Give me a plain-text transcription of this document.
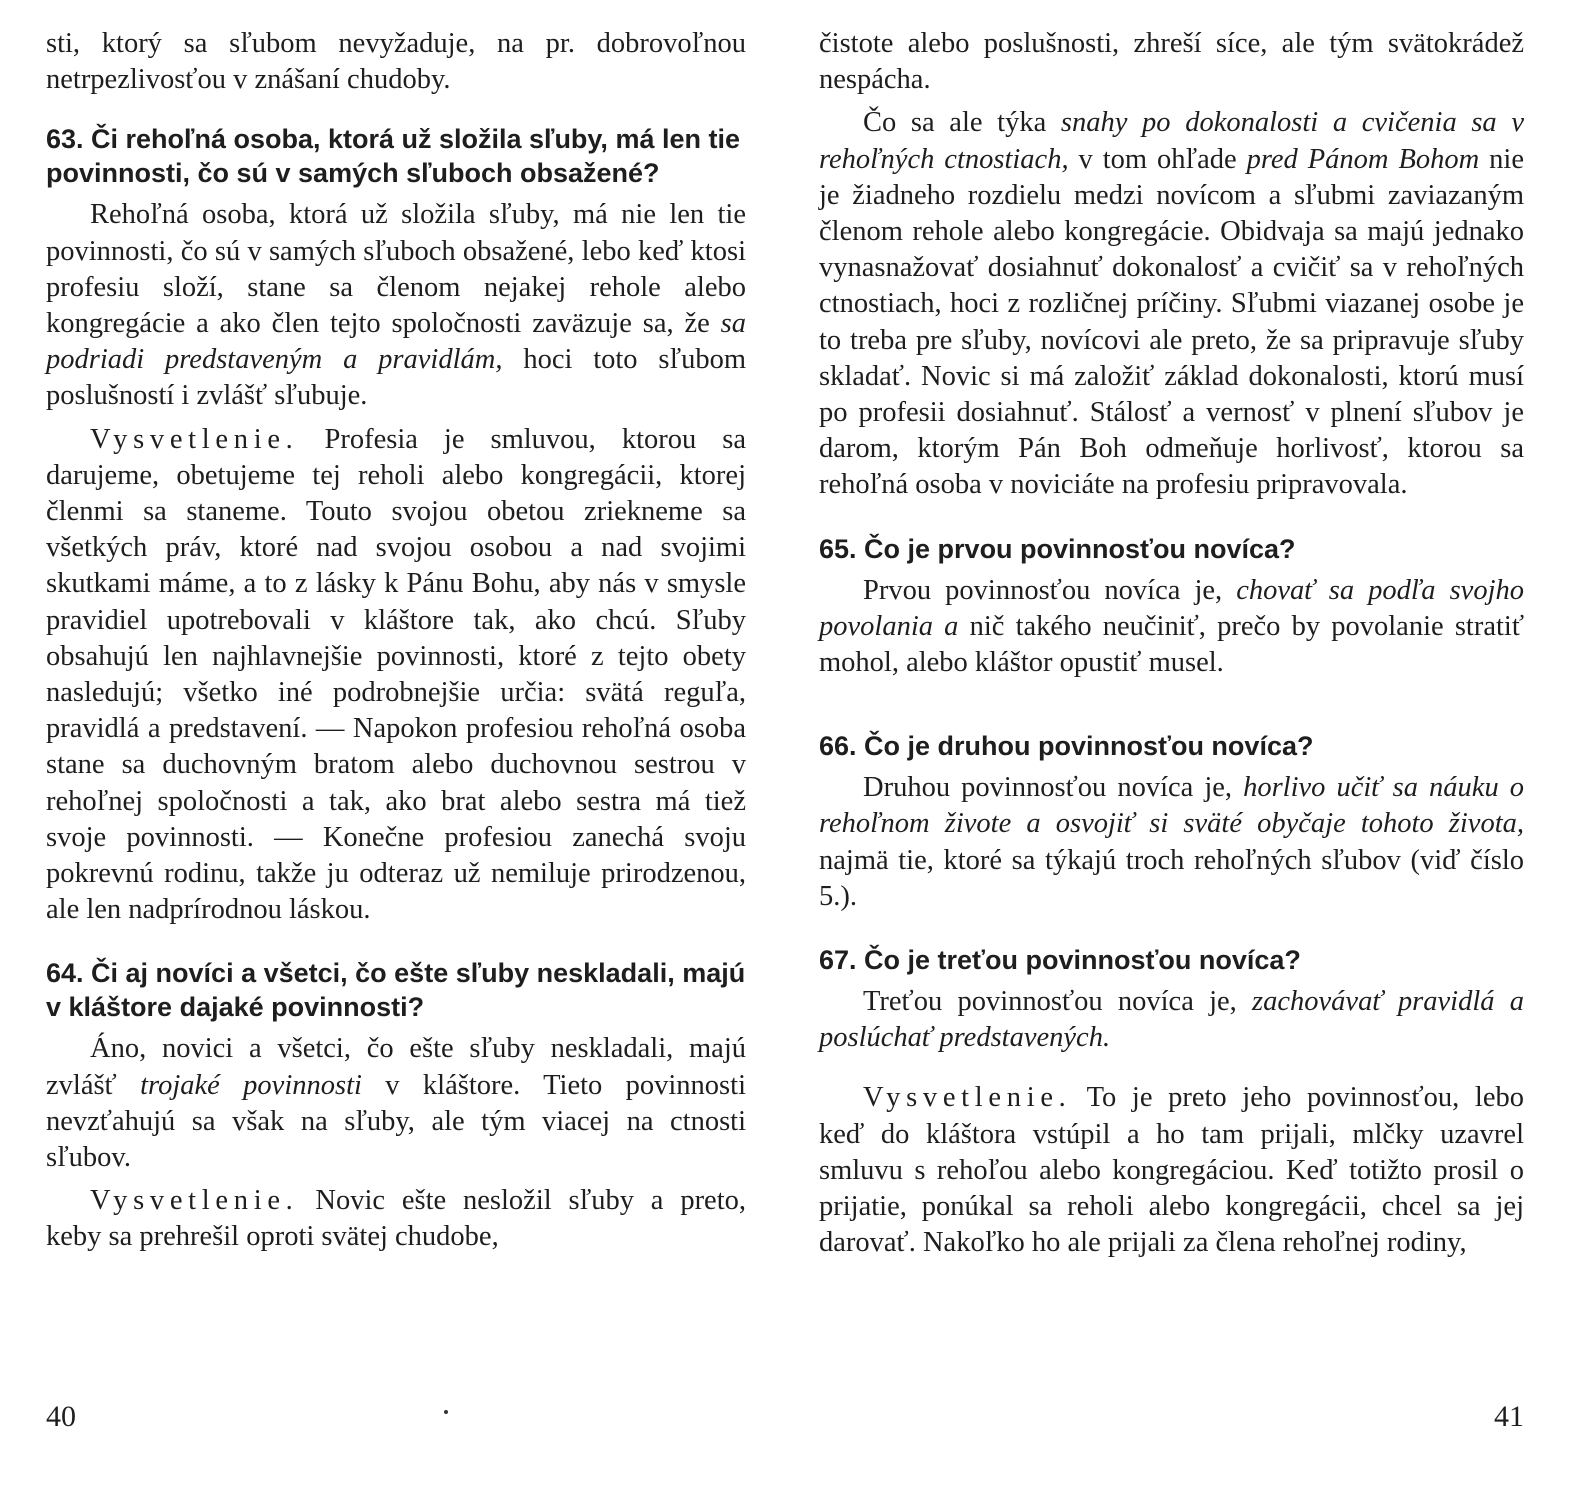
sti, ktorý sa sľubom nevyžaduje, na pr. dobrovoľnou netrpezlivosťou v znášaní chudoby.

63. Či rehoľná osoba, ktorá už složila sľuby, má len tie povinnosti, čo sú v samých sľuboch obsažené?

Rehoľná osoba, ktorá už složila sľuby, má nie len tie povinnosti, čo sú v samých sľuboch obsažené, lebo keď ktosi profesiu složí, stane sa členom nejakej rehole alebo kongregácie a ako člen tejto spoločnosti zaväzuje sa, že sa podriadi predstaveným a pravidlám, hoci toto sľubom poslušností i zvlášť sľubuje.

Vysvetlenie. Profesia je smluvou, ktorou sa darujeme, obetujeme tej reholi alebo kongregácii, ktorej členmi sa staneme. Touto svojou obetou zriekneme sa všetkých práv, ktoré nad svojou osobou a nad svojimi skutkami máme, a to z lásky k Pánu Bohu, aby nás v smysle pravidiel upotrebovali v kláštore tak, ako chcú. Sľuby obsahujú len najhlavnejšie povinnosti, ktoré z tejto obety nasledujú; všetko iné podrobnejšie určia: svätá reguľa, pravidlá a predstavení. — Napokon profesiou rehoľná osoba stane sa duchovným bratom alebo duchovnou sestrou v rehoľnej spoločnosti a tak, ako brat alebo sestra má tiež svoje povinnosti. — Konečne profesiou zanechá svoju pokrevnú rodinu, takže ju odteraz už nemiluje prirodzenou, ale len nadprírodnou láskou.

64. Či aj novíci a všetci, čo ešte sľuby neskladali, majú v kláštore dajaké povinnosti?

Áno, novici a všetci, čo ešte sľuby neskladali, majú zvlášť trojaké povinnosti v kláštore. Tieto povinnosti nevzťahujú sa však na sľuby, ale tým viacej na ctnosti sľubov.

Vysvetlenie. Novic ešte nesložil sľuby a preto, keby sa prehrešil oproti svätej chudobe,

40

čistote alebo poslušnosti, zhreší síce, ale tým svätokrádež nespácha.

Čo sa ale týka snahy po dokonalosti a cvičenia sa v rehoľných ctnostiach, v tom ohľade pred Pánom Bohom nie je žiadneho rozdielu medzi novícom a sľubmi zaviazaným členom rehole alebo kongregácie. Obidvaja sa majú jednako vynasnažovať dosiahnuť dokonalosť a cvičiť sa v rehoľných ctnostiach, hoci z rozličnej príčiny. Sľubmi viazanej osobe je to treba pre sľuby, novícovi ale preto, že sa pripravuje sľuby skladať. Novic si má založiť základ dokonalosti, ktorú musí po profesii dosiahnuť. Stálosť a vernosť v plnení sľubov je darom, ktorým Pán Boh odmeňuje horlivosť, ktorou sa rehoľná osoba v noviciáte na profesiu pripravovala.

65. Čo je prvou povinnosťou novíca?

Prvou povinnosťou novíca je, chovať sa podľa svojho povolania a nič takého neučiniť, prečo by povolanie stratiť mohol, alebo kláštor opustiť musel.

66. Čo je druhou povinnosťou novíca?

Druhou povinnosťou novíca je, horlivo učiť sa náuku o rehoľnom živote a osvojiť si sväté obyčaje tohoto života, najmä tie, ktoré sa týkajú troch rehoľných sľubov (viď číslo 5.).

67. Čo je treťou povinnosťou novíca?

Treťou povinnosťou novíca je, zachovávať pravidlá a poslúchať predstavených.

Vysvetlenie. To je preto jeho povinnosťou, lebo keď do kláštora vstúpil a ho tam prijali, mlčky uzavrel smluvu s rehoľou alebo kongregáciou. Keď totižto prosil o prijatie, ponúkal sa reholi alebo kongregácii, chcel sa jej darovať. Nakoľko ho ale prijali za člena rehoľnej rodiny,

41
